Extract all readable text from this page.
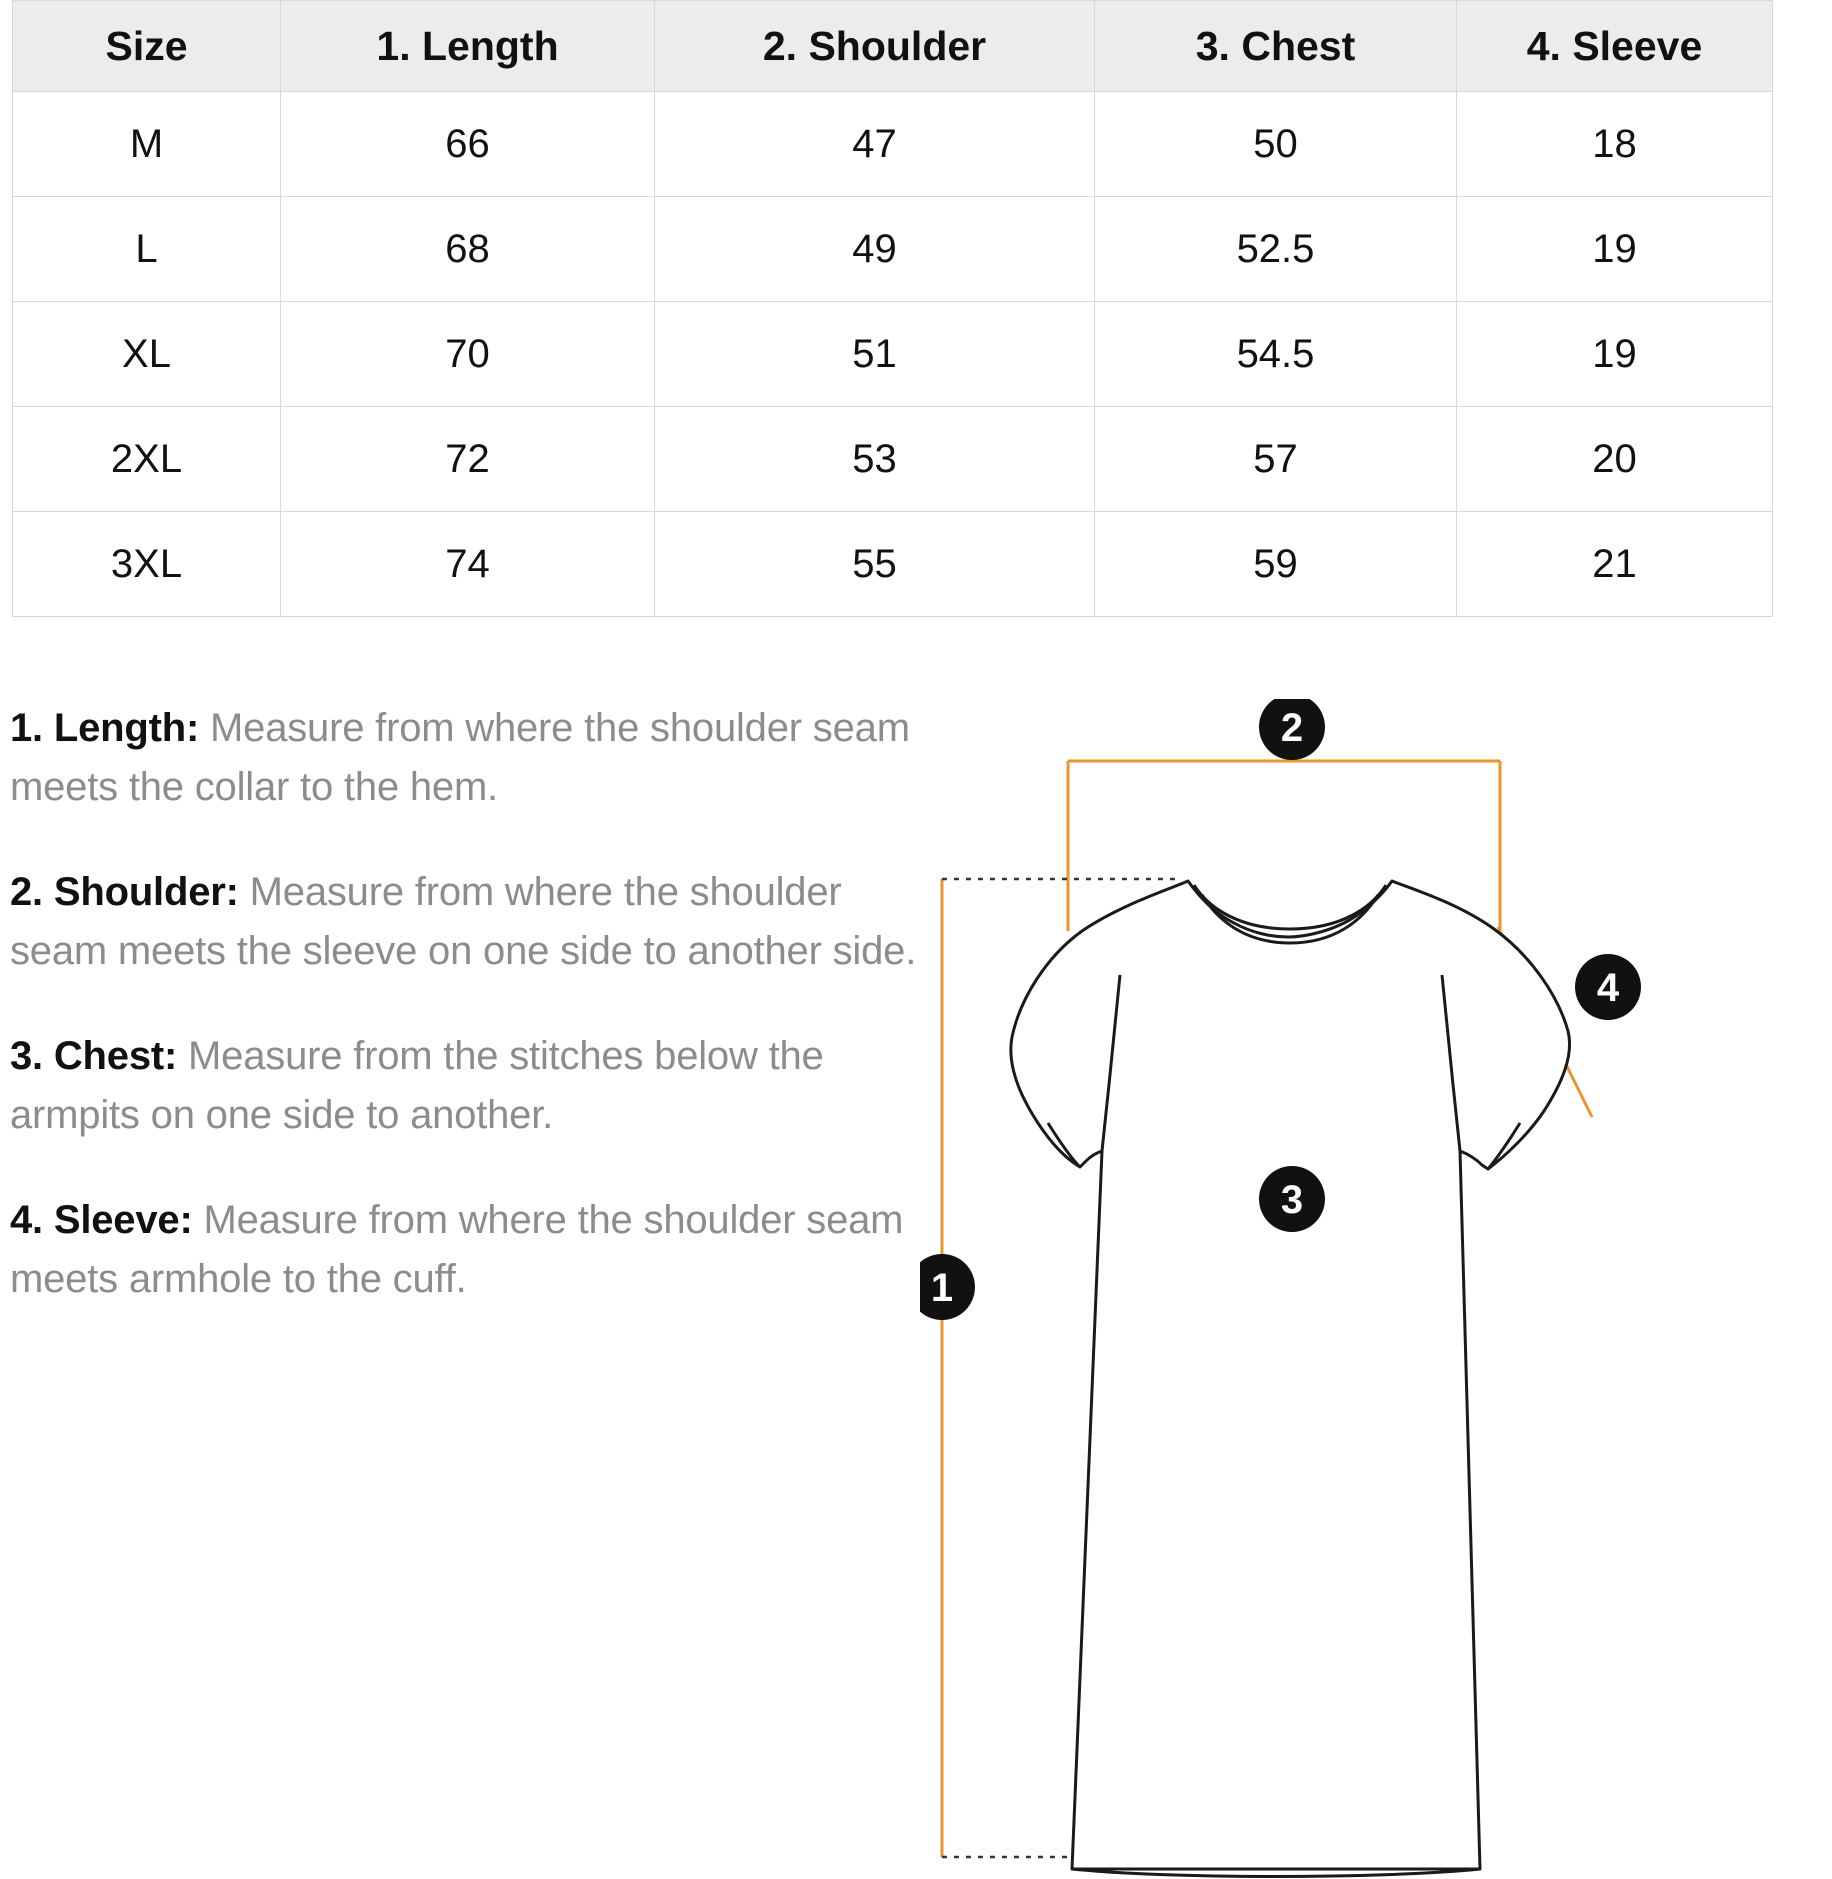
Size	1. Length	2. Shoulder	3. Chest	4. Sleeve
M	66	47	50	18
L	68	49	52.5	19
XL	70	51	54.5	19
2XL	72	53	57	20
3XL	74	55	59	21
1. Length: Measure from where the shoulder seam meets the collar to the hem.
2. Shoulder: Measure from where the shoulder seam meets the sleeve on one side to another side.
3. Chest: Measure from the stitches below the armpits on one side to another.
4. Sleeve: Measure from where the shoulder seam meets armhole to the cuff.	1
2
3
4
